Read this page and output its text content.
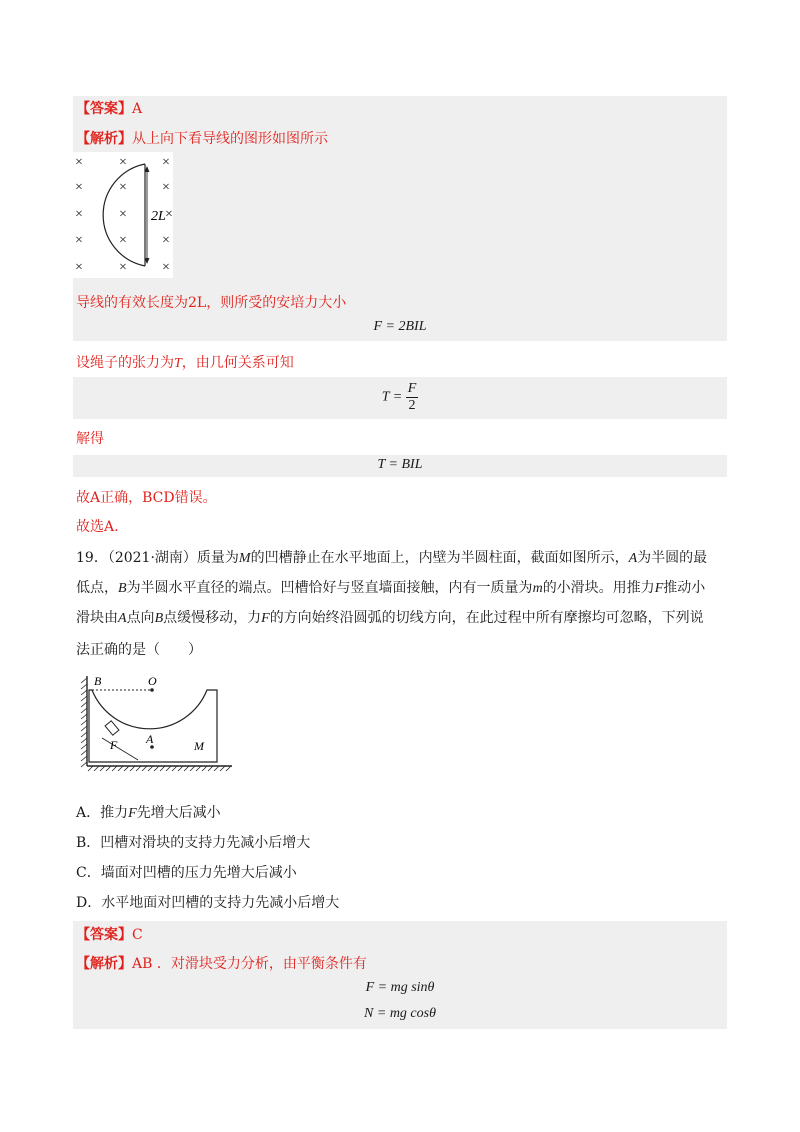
【答案】A
【解析】从上向下看导线的图形如图所示
×	×	×
×	×	×
×	×	×
×	×	×
×	×	×
2L
导线的有效长度为2L，则所受的安培力大小
F = 2BIL
设绳子的张力为T，由几何关系可知
$T = \frac{F}{2}$
解得
T = BIL
故A正确，BCD错误。
故选A.
19．（2021·湖南）质量为M的凹槽静止在水平地面上，内壁为半圆柱面，截面如图所示，A为半圆的最
低点，B为半圆水平直径的端点。凹槽恰好与竖直墙面接触，内有一质量为m的小滑块。用推力F推动小
滑块由A点向B点缓慢移动，力F的方向始终沿圆弧的切线方向，在此过程中所有摩擦均可忽略，下列说
法正确的是（　　）
B	O
F A	M
A．推力F先增大后减小
B．凹槽对滑块的支持力先减小后增大
C．墙面对凹槽的压力先增大后减小
D．水平地面对凹槽的支持力先减小后增大
【答案】C
【解析】AB ．对滑块受力分析，由平衡条件有
F = mg sinθ
N = mg cosθ
